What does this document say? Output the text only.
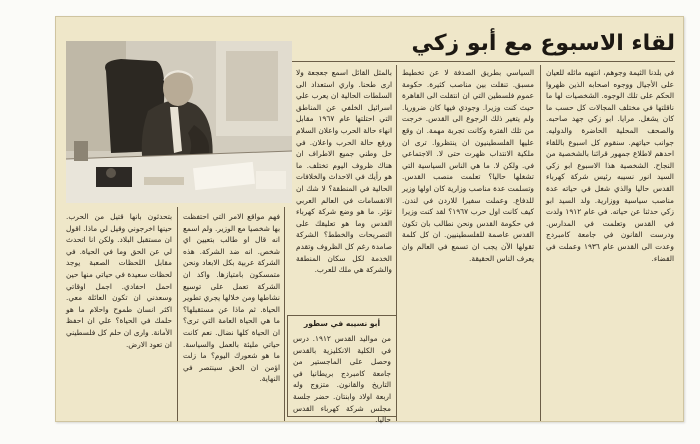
لقاء الاسبوع مع أبو زكي

في بلدنا الثيمة وجوهم، انتهيه ماثله للعيان على الأجيال ووجوه اصحابه الذين ظهروا الحكم على تلك الوجوه. الشخصيات لها ما ناقلتها في مختلف المجالات كل حسب ما كان يشغل. مرايا. ابو زكي جهد صاحبه. والصحف المحلية الحاضرة والدوليه. جوانب حياتهم. سنقوم كل اسبوع باللقاء احدهم لاطلاع جمهور قرائنا بالشخصية من النجاح. الشخصية هذا الاسبوع ابو زكي السيد انور نسيبه رئيس شركة كهرباء القدس حاليا والذي شغل في حياته عدة مناصب سياسية ووزارية. ولد السيد ابو زكي حدثنا عن حياته. في عام ١٩١٢ ولدت في القدس وتعلمت في المدارس. ودرست القانون في جامعة كامبردج وعدت الى القدس عام ١٩٣٦ وعملت في القضاء.

السياسي بطريق الصدفة لا عن تخطيط مسبق. تنقلت بين مناصب كثيرة. حكومة عموم فلسطين التي ان انتقلت الى القاهرة حيث كنت وزيرا. وجودي فيها كان ضروريا. ولم يتغير ذلك الرجوع الى القدس. خرجت من تلك الفترة وكانت تجربة مهمة. ان وقع عليها الفلسطينيون ان ينتظروا. ترى ان ملكية الانتداب ظهرت حتى لا. الاجتماعي في. ولكن لا. ما هي الناس السياسية التي تشغلها حاليا؟ تعلمت منصب القدس. وتسلمت عدة مناصب وزارية كان اولها وزير للدفاع. وعملت سفيرا للاردن في لندن. كيف كانت اول حرب ١٩٦٧؟ لقد كنت وزيرا في حكومة القدس ونحن نطالب بان تكون القدس عاصمة للفلسطينيين. ان كل كلمة تقولها الآن يجب ان تسمع في العالم وان يعرف الناس الحقيقة.

بالمثل القائل اسمع جعجعة ولا ارى طحنا. واري استعداد الى السلطات الحالية ان يعرب علي اسرائيل الخلفي عن المناطق التي احتلتها عام ١٩٦٧ مقابل انهاء حالة الحرب واعلان السلام ورفع حالة الحرب واعلان. في حل وطني جميع الاطراف ان هناك ظروف اليوم تختلف. ما هو رأيك في الاحداث والخلافات الحالية في المنطقة؟ لا شك ان الانقسامات في العالم العربي تؤثر. ما هو وضع شركة كهرباء القدس وما هو تعليقك على التصريحات والخطط؟ الشركة صامدة رغم كل الظروف وتقدم الخدمة لكل سكان المنطقة والشركة هي ملك للعرب.

أبو نسيبه في سطور

من مواليد القدس ١٩١٢. درس في الكلية الانكليزية بالقدس وحصل على الماجستير من جامعة كامبردج بريطانيا في التاريخ والقانون. متزوج وله اربعة اولاد وابنتان. حضر جلسة مجلس شركة كهرباء القدس حاليا.

فهم مواقع الامر التي احتفظت بها شخصيا مع الوزير. ولم اسمع انه قال او طالب بتعيين اي شخص. انه ضد الشركة. هذه الشركة عربية بكل الابعاد ونحن متمسكون بامتيازها. واكد ان الشركة تعمل على توسيع نشاطها ومن خلالها يجري تطوير الحياة. ثم ماذا عن مستقبلها؟ ما هي الحياة العامة التي ترى؟ ان الحياة كلها نضال. نعم كانت حياتي مليئة بالعمل والسياسة. ما هو شعورك اليوم؟ ما زلت اؤمن ان الحق سينتصر في النهاية.

بتحدثون بانها قتيل من الحرب. حينها اخرجوني وقيل لي ماذا. اقول ان مستقبل البلاد. ولكن انا اتحدث لي عن الحق وما في الحياة. في مقابل اللحظات الصعبة يوجد لحظات سعيدة في حياتي منها حين احمل احفادي. اجمل اوقاتي وسعدني ان تكون العائلة معي. اكثر انسان طموح واحلام ما هو حلمك في الحياة؟ علي ان احفظ الأمانة. وارى ان حلم كل فلسطيني ان تعود الارض.
